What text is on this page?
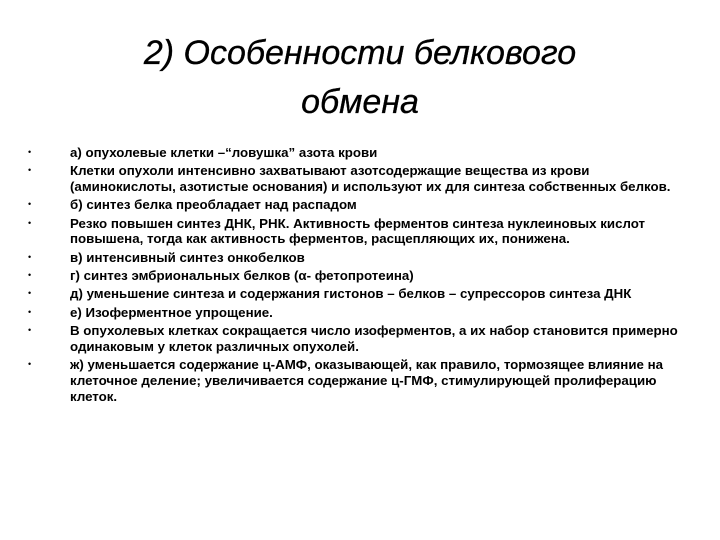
2) Особенности белкового
обмена
•	а) опухолевые клетки –“ловушка” азота крови
•	Клетки опухоли интенсивно захватывают азотсодержащие вещества из крови (аминокислоты, азотистые основания) и используют их для синтеза собственных белков.
•	б) синтез белка преобладает над распадом
•	Резко повышен синтез ДНК, РНК. Активность ферментов синтеза нуклеиновых кислот повышена, тогда как активность ферментов, расщепляющих их, понижена.
•	в) интенсивный синтез онкобелков
•	г) синтез эмбриональных белков (α- фетопротеина)
•	д) уменьшение синтеза и содержания гистонов – белков – супрессоров синтеза ДНК
•	е) Изоферментное упрощение.
•	В опухолевых клетках сокращается число изоферментов, а их набор становится примерно одинаковым у клеток различных опухолей.
•	ж) уменьшается содержание ц-АМФ, оказывающей, как правило, тормозящее влияние на клеточное деление; увеличивается содержание ц-ГМФ, стимулирующей пролиферацию клеток.
